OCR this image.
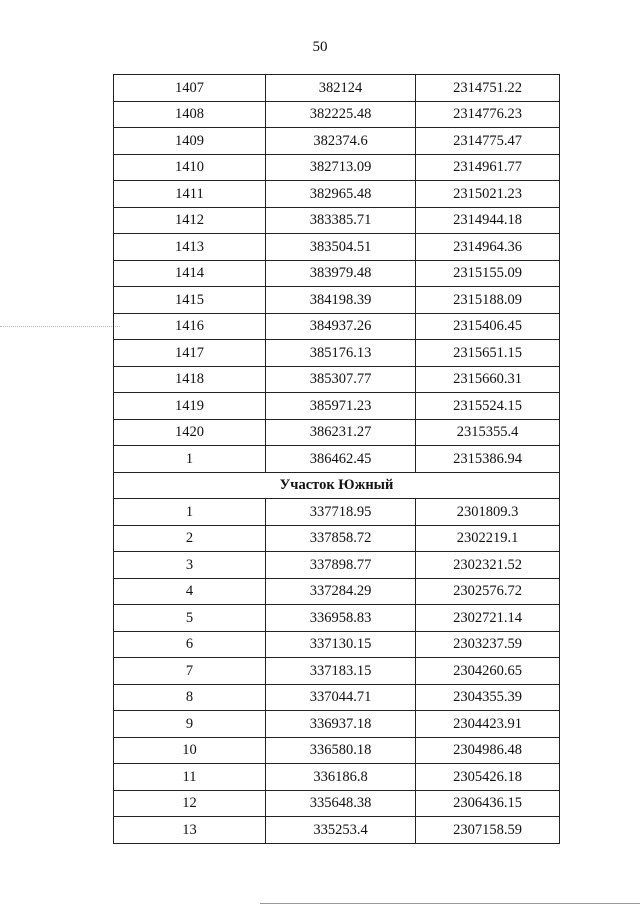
50
1407	382124	2314751.22
1408	382225.48	2314776.23
1409	382374.6	2314775.47
1410	382713.09	2314961.77
1411	382965.48	2315021.23
1412	383385.71	2314944.18
1413	383504.51	2314964.36
1414	383979.48	2315155.09
1415	384198.39	2315188.09
1416	384937.26	2315406.45
1417	385176.13	2315651.15
1418	385307.77	2315660.31
1419	385971.23	2315524.15
1420	386231.27	2315355.4
1	386462.45	2315386.94
Участок Южный		
1	337718.95	2301809.3
2	337858.72	2302219.1
3	337898.77	2302321.52
4	337284.29	2302576.72
5	336958.83	2302721.14
6	337130.15	2303237.59
7	337183.15	2304260.65
8	337044.71	2304355.39
9	336937.18	2304423.91
10	336580.18	2304986.48
11	336186.8	2305426.18
12	335648.38	2306436.15
13	335253.4	2307158.59
